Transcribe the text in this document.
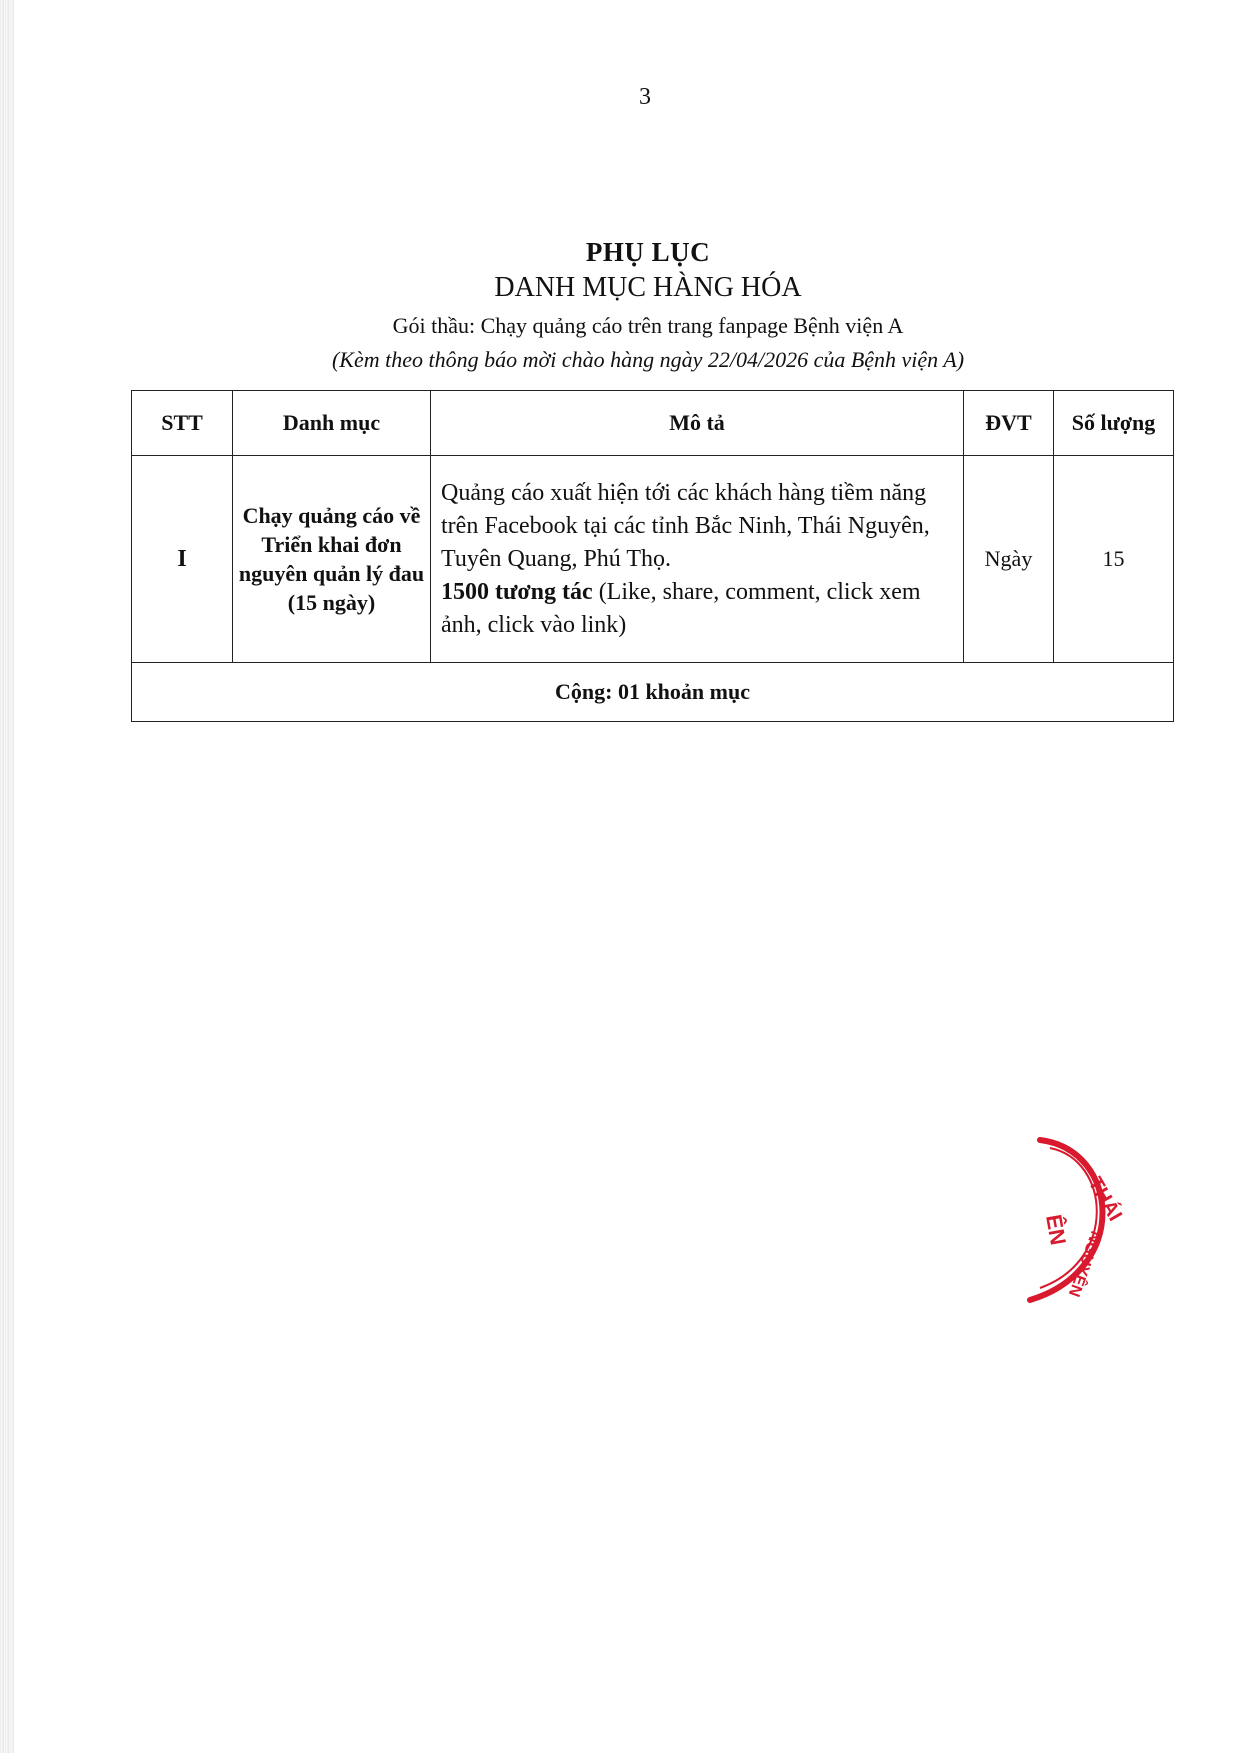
3
PHỤ LỤC
DANH MỤC HÀNG HÓA
Gói thầu: Chạy quảng cáo trên trang fanpage Bệnh viện A
(Kèm theo thông báo mời chào hàng ngày 22/04/2026 của Bệnh viện A)
STT	Danh mục	Mô tả	ĐVT	Số lượng
I	Chạy quảng cáo về Triển khai đơn nguyên quản lý đau (15 ngày)	Quảng cáo xuất hiện tới các khách hàng tiềm năng trên Facebook tại các tỉnh Bắc Ninh, Thái Nguyên, Tuyên Quang, Phú Thọ.
1500 tương tác (Like, share, comment, click xem ảnh, click vào link)	Ngày	15
Cộng: 01 khoản mục				
THÁI
ÊN
NGUYÊN
